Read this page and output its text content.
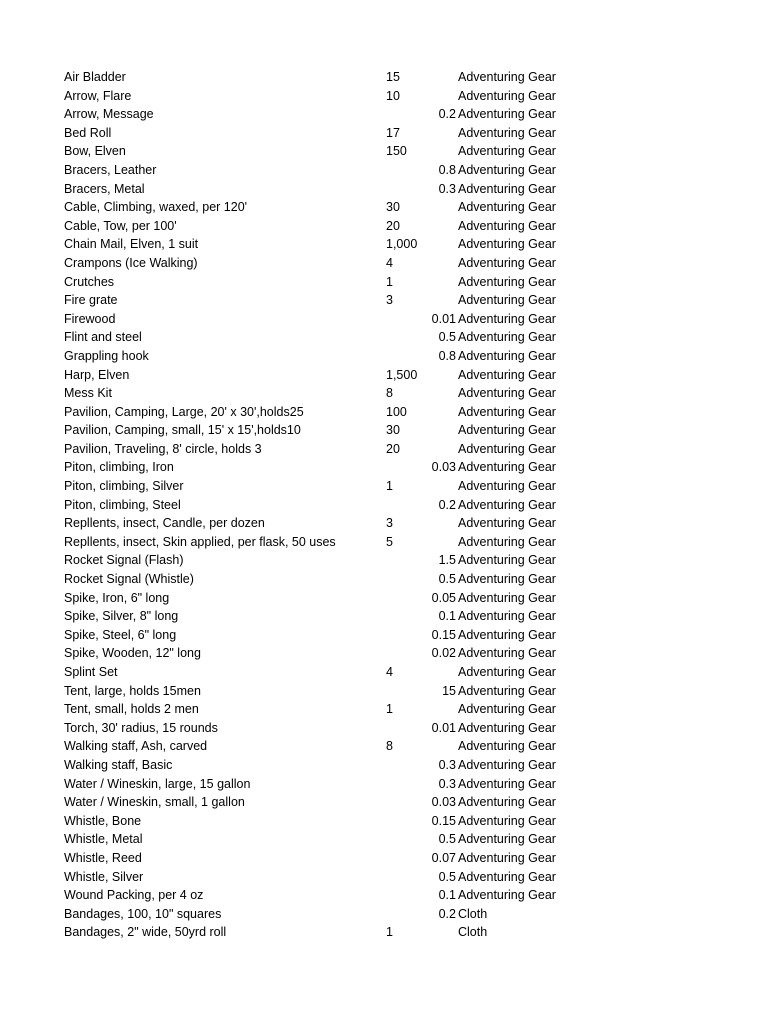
Air Bladder	15	Adventuring Gear
Arrow, Flare	10	Adventuring Gear
Arrow, Message	0.2 Adventuring Gear
Bed Roll	17	Adventuring Gear
Bow, Elven	150	Adventuring Gear
Bracers, Leather	0.8 Adventuring Gear
Bracers, Metal	0.3 Adventuring Gear
Cable, Climbing, waxed, per 120'	30	Adventuring Gear
Cable, Tow, per 100'	20	Adventuring Gear
Chain Mail, Elven, 1 suit	1,000	Adventuring Gear
Crampons (Ice Walking)	4	Adventuring Gear
Crutches	1	Adventuring Gear
Fire grate	3	Adventuring Gear
Firewood	0.01 Adventuring Gear
Flint and steel	0.5 Adventuring Gear
Grappling hook	0.8 Adventuring Gear
Harp, Elven	1,500	Adventuring Gear
Mess Kit	8	Adventuring Gear
Pavilion, Camping, Large, 20' x 30',holds25	100	Adventuring Gear
Pavilion, Camping, small, 15' x 15',holds10	30	Adventuring Gear
Pavilion, Traveling, 8' circle, holds 3	20	Adventuring Gear
Piton, climbing, Iron	0.03 Adventuring Gear
Piton, climbing, Silver	1	Adventuring Gear
Piton, climbing, Steel	0.2 Adventuring Gear
Repllents, insect, Candle, per dozen	3	Adventuring Gear
Repllents, insect, Skin applied, per flask, 50 uses	5	Adventuring Gear
Rocket Signal (Flash)	1.5 Adventuring Gear
Rocket Signal (Whistle)	0.5 Adventuring Gear
Spike, Iron, 6" long	0.05 Adventuring Gear
Spike, Silver, 8" long	0.1 Adventuring Gear
Spike, Steel, 6" long	0.15 Adventuring Gear
Spike, Wooden, 12" long	0.02 Adventuring Gear
Splint Set	4	Adventuring Gear
Tent, large, holds 15men	15 Adventuring Gear
Tent, small, holds 2 men	1	Adventuring Gear
Torch, 30' radius, 15 rounds	0.01 Adventuring Gear
Walking staff, Ash, carved	8	Adventuring Gear
Walking staff, Basic	0.3 Adventuring Gear
Water / Wineskin, large, 15 gallon	0.3 Adventuring Gear
Water / Wineskin, small, 1 gallon	0.03 Adventuring Gear
Whistle, Bone	0.15 Adventuring Gear
Whistle, Metal	0.5 Adventuring Gear
Whistle, Reed	0.07 Adventuring Gear
Whistle, Silver	0.5 Adventuring Gear
Wound Packing, per 4 oz	0.1 Adventuring Gear
Bandages, 100, 10" squares	0.2 Cloth
Bandages, 2" wide, 50yrd roll	1	Cloth
